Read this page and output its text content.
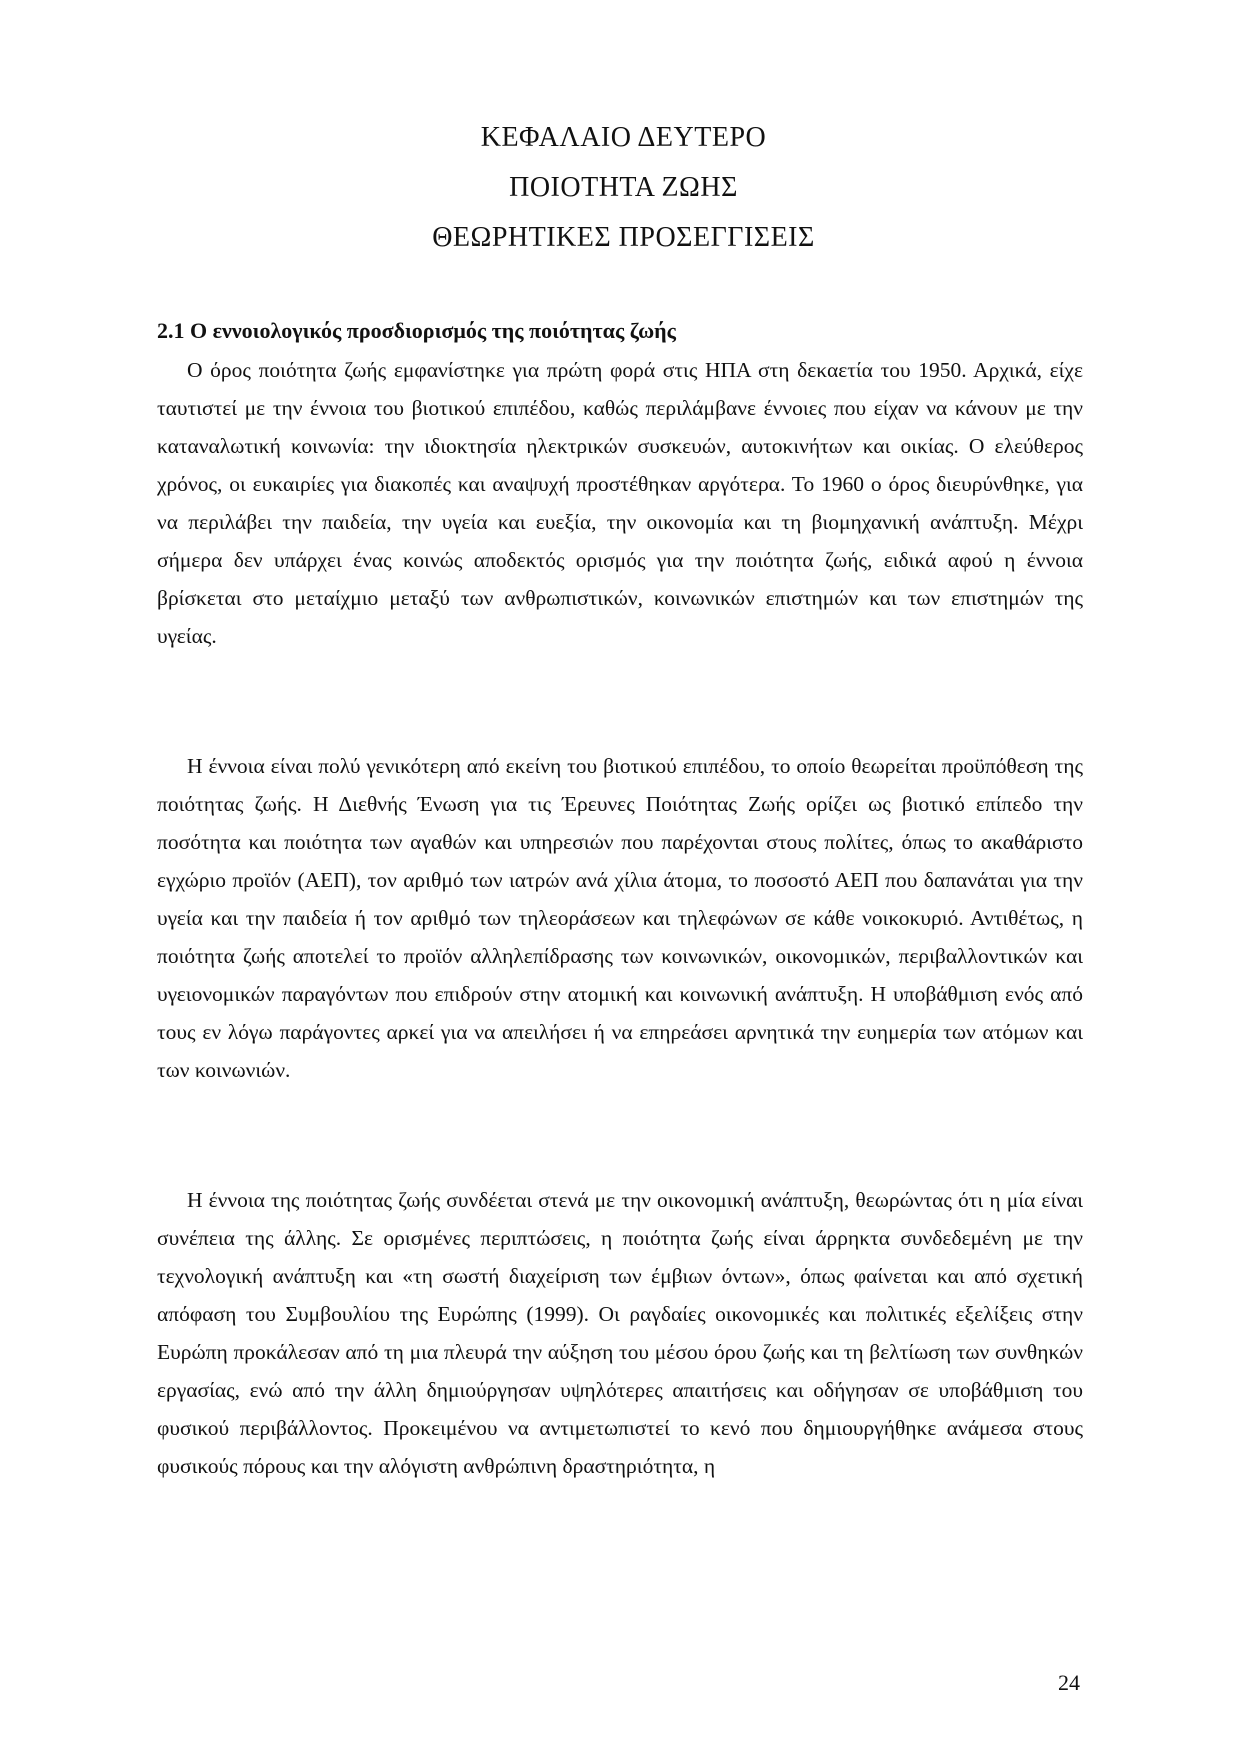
ΚΕΦΑΛΑΙΟ ΔΕΥΤΕΡΟ
ΠΟΙΟΤΗΤΑ ΖΩΗΣ
ΘΕΩΡΗΤΙΚΕΣ ΠΡΟΣΕΓΓΙΣΕΙΣ
2.1 Ο εννοιολογικός προσδιορισμός της ποιότητας ζωής

Ο όρος ποιότητα ζωής εμφανίστηκε για πρώτη φορά στις ΗΠΑ στη δεκαετία του 1950. Αρχικά, είχε ταυτιστεί με την έννοια του βιοτικού επιπέδου, καθώς περιλάμβανε έννοιες που είχαν να κάνουν με την καταναλωτική κοινωνία: την ιδιοκτησία ηλεκτρικών συσκευών, αυτοκινήτων και οικίας. Ο ελεύθερος χρόνος, οι ευκαιρίες για διακοπές και αναψυχή προστέθηκαν αργότερα. Το 1960 ο όρος διευρύνθηκε, για να περιλάβει την παιδεία, την υγεία και ευεξία, την οικονομία και τη βιομηχανική ανάπτυξη. Μέχρι σήμερα δεν υπάρχει ένας κοινώς αποδεκτός ορισμός για την ποιότητα ζωής, ειδικά αφού η έννοια βρίσκεται στο μεταίχμιο μεταξύ των ανθρωπιστικών, κοινωνικών επιστημών και των επιστημών της υγείας.

Η έννοια είναι πολύ γενικότερη από εκείνη του βιοτικού επιπέδου, το οποίο θεωρείται προϋπόθεση της ποιότητας ζωής. Η Διεθνής Ένωση για τις Έρευνες Ποιότητας Ζωής ορίζει ως βιοτικό επίπεδο την ποσότητα και ποιότητα των αγαθών και υπηρεσιών που παρέχονται στους πολίτες, όπως το ακαθάριστο εγχώριο προϊόν (ΑΕΠ), τον αριθμό των ιατρών ανά χίλια άτομα, το ποσοστό ΑΕΠ που δαπανάται για την υγεία και την παιδεία ή τον αριθμό των τηλεοράσεων και τηλεφώνων σε κάθε νοικοκυριό. Αντιθέτως, η ποιότητα ζωής αποτελεί το προϊόν αλληλεπίδρασης των κοινωνικών, οικονομικών, περιβαλλοντικών και υγειονομικών παραγόντων που επιδρούν στην ατομική και κοινωνική ανάπτυξη. Η υποβάθμιση ενός από τους εν λόγω παράγοντες αρκεί για να απειλήσει ή να επηρεάσει αρνητικά την ευημερία των ατόμων και των κοινωνιών.

Η έννοια της ποιότητας ζωής συνδέεται στενά με την οικονομική ανάπτυξη, θεωρώντας ότι η μία είναι συνέπεια της άλλης. Σε ορισμένες περιπτώσεις, η ποιότητα ζωής είναι άρρηκτα συνδεδεμένη με την τεχνολογική ανάπτυξη και «τη σωστή διαχείριση των έμβιων όντων», όπως φαίνεται και από σχετική απόφαση του Συμβουλίου της Ευρώπης (1999). Οι ραγδαίες οικονομικές και πολιτικές εξελίξεις στην Ευρώπη προκάλεσαν από τη μια πλευρά την αύξηση του μέσου όρου ζωής και τη βελτίωση των συνθηκών εργασίας, ενώ από την άλλη δημιούργησαν υψηλότερες απαιτήσεις και οδήγησαν σε υποβάθμιση του φυσικού περιβάλλοντος. Προκειμένου να αντιμετωπιστεί το κενό που δημιουργήθηκε ανάμεσα στους φυσικούς πόρους και την αλόγιστη ανθρώπινη δραστηριότητα, η

24
